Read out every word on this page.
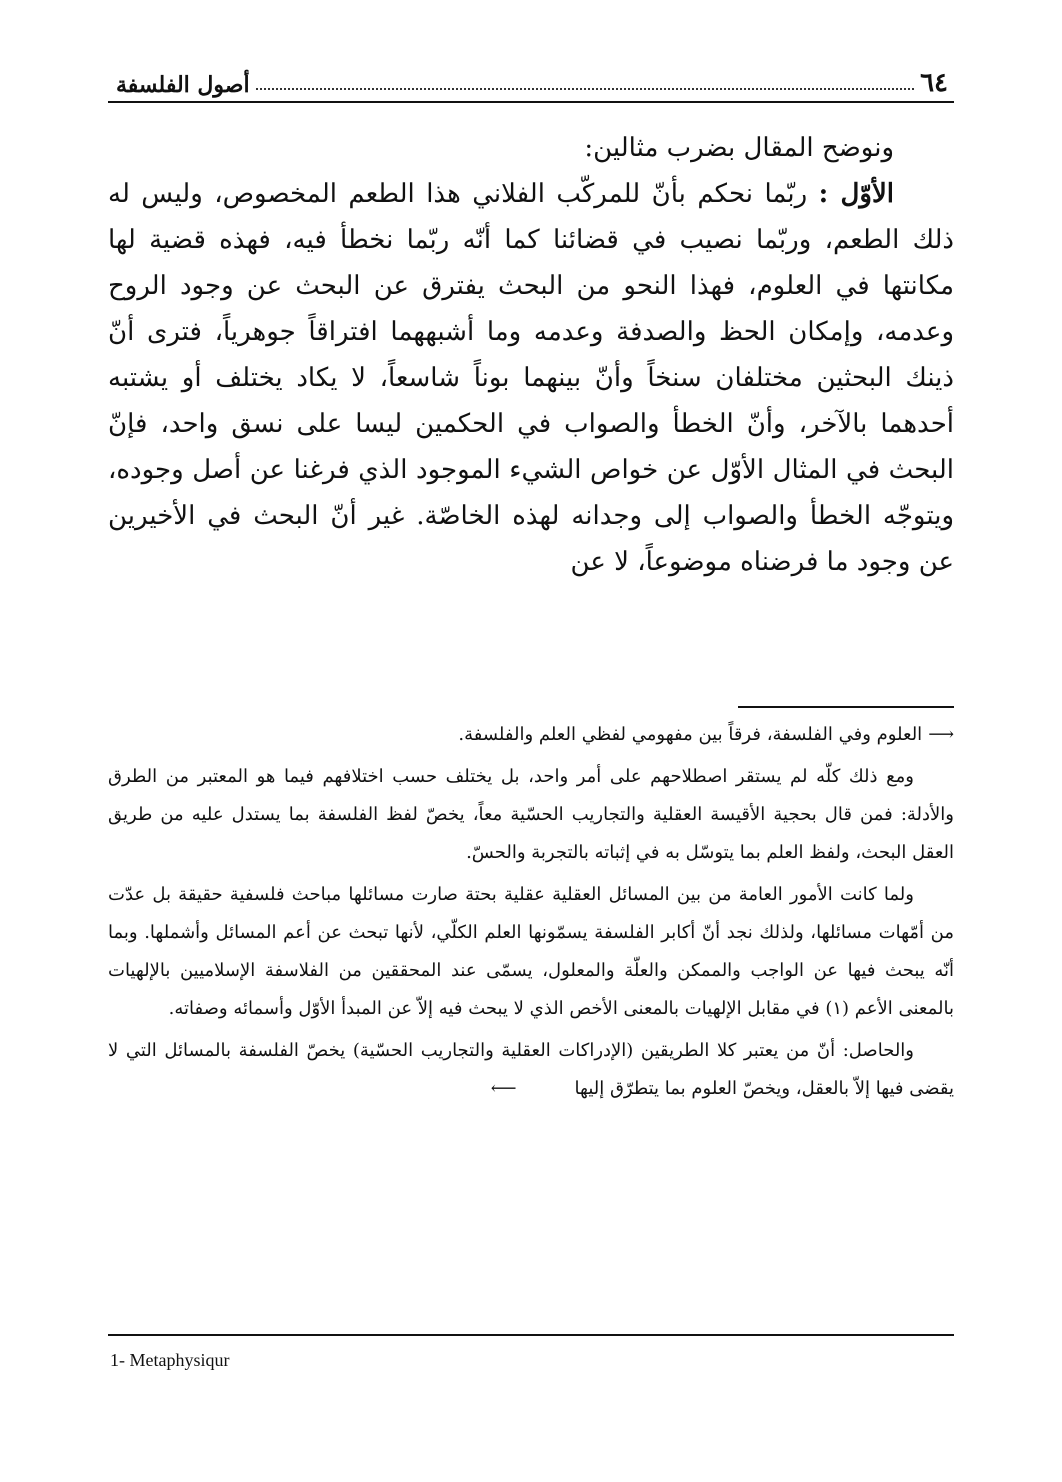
٦٤
أصول الفلسفة

ونوضح المقال بضرب مثالين:

الأوّل : ربّما نحكم بأنّ للمركّب الفلاني هذا الطعم المخصوص، وليس له ذلك الطعم، وربّما نصيب في قضائنا كما أنّه ربّما نخطأ فيه، فهذه قضية لها مكانتها في العلوم، فهذا النحو من البحث يفترق عن البحث عن وجود الروح وعدمه، وإمكان الحظ والصدفة وعدمه وما أشبههما افتراقاً جوهرياً، فترى أنّ ذينك البحثين مختلفان سنخاً وأنّ بينهما بوناً شاسعاً، لا يكاد يختلف أو يشتبه أحدهما بالآخر، وأنّ الخطأ والصواب في الحكمين ليسا على نسق واحد، فإنّ البحث في المثال الأوّل عن خواص الشيء الموجود الذي فرغنا عن أصل وجوده، ويتوجّه الخطأ والصواب إلى وجدانه لهذه الخاصّة. غير أنّ البحث في الأخيرين عن وجود ما فرضناه موضوعاً، لا عن

⟶العلوم وفي الفلسفة، فرقاً بين مفهومي لفظي العلم والفلسفة.

ومع ذلك كلّه لم يستقر اصطلاحهم على أمر واحد، بل يختلف حسب اختلافهم فيما هو المعتبر من الطرق والأدلة: فمن قال بحجية الأقيسة العقلية والتجاريب الحسّية معاً، يخصّ لفظ الفلسفة بما يستدل عليه من طريق العقل البحث، ولفظ العلم بما يتوسّل به في إثباته بالتجربة والحسّ.

ولما كانت الأمور العامة من بين المسائل العقلية عقلية بحتة صارت مسائلها مباحث فلسفية حقيقة بل عدّت من أمّهات مسائلها، ولذلك نجد أنّ أكابر الفلسفة يسمّونها العلم الكلّي، لأنها تبحث عن أعم المسائل وأشملها. وبما أنّه يبحث فيها عن الواجب والممكن والعلّة والمعلول، يسمّى عند المحققين من الفلاسفة الإسلاميين بالإلهيات بالمعنى الأعم (١) في مقابل الإلهيات بالمعنى الأخص الذي لا يبحث فيه إلاّ عن المبدأ الأوّل وأسمائه وصفاته.

والحاصل: أنّ من يعتبر كلا الطريقين (الإدراكات العقلية والتجاريب الحسّية) يخصّ الفلسفة بالمسائل التي لا يقضى فيها إلاّ بالعقل، ويخصّ العلوم بما يتطرّق إليها⟵

1- Metaphysiqur
